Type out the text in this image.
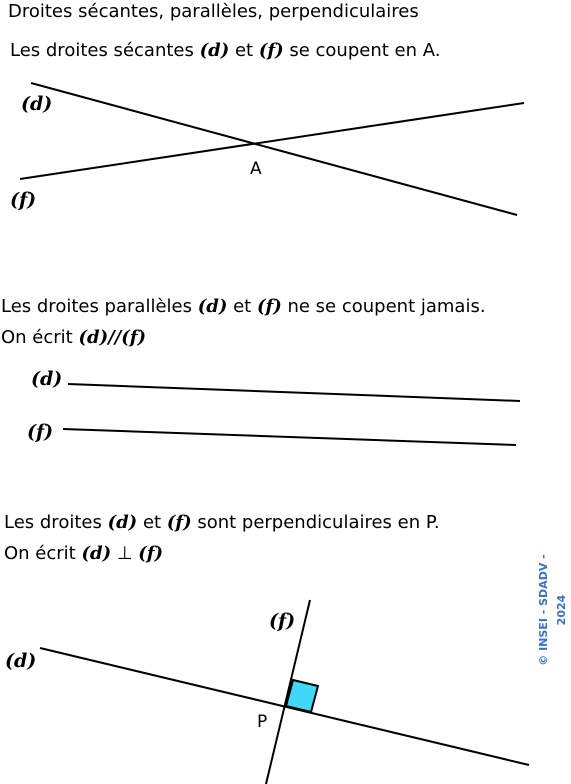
Droites sécantes, parallèles, perpendiculaires
Les droites sécantes (d) et (f) se coupent en A.
Les droites parallèles (d) et (f) ne se coupent jamais.
On écrit (d)//(f)
Les droites (d) et (f) sont perpendiculaires en P.
On écrit (d) ⊥ (f)
(d)
(f)
A
(d)
(f)
(f)
(d)
P
© INSEI - SDADV - 2024
